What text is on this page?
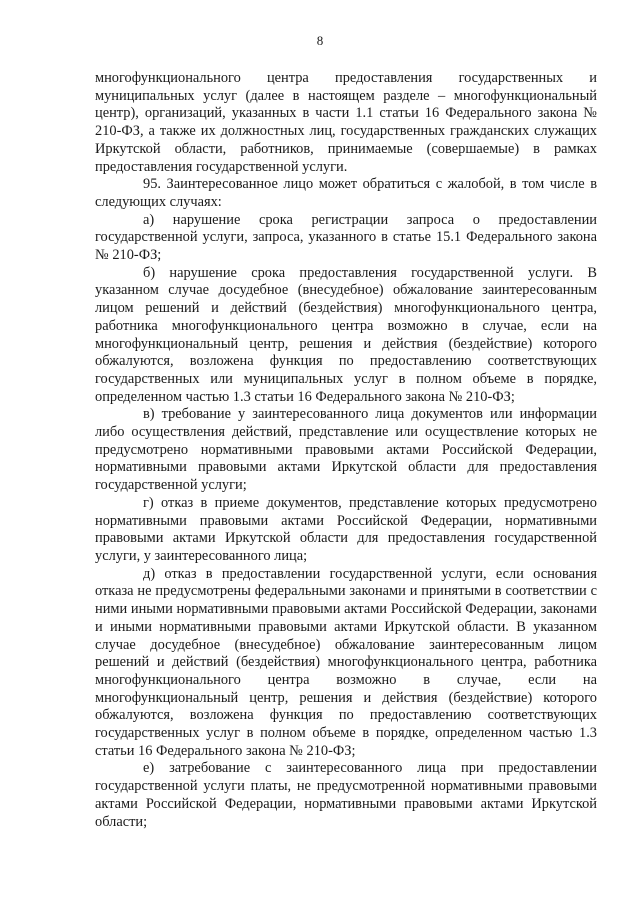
8

многофункционального центра предоставления государственных и муниципальных услуг (далее в настоящем разделе – многофункциональный центр), организаций, указанных в части 1.1 статьи 16 Федерального закона № 210-ФЗ, а также их должностных лиц, государственных гражданских служащих Иркутской области, работников, принимаемые (совершаемые) в рамках предоставления государственной услуги.

95. Заинтересованное лицо может обратиться с жалобой, в том числе в следующих случаях:

а) нарушение срока регистрации запроса о предоставлении государственной услуги, запроса, указанного в статье 15.1 Федерального закона № 210-ФЗ;

б) нарушение срока предоставления государственной услуги. В указанном случае досудебное (внесудебное) обжалование заинтересованным лицом решений и действий (бездействия) многофункционального центра, работника многофункционального центра возможно в случае, если на многофункциональный центр, решения и действия (бездействие) которого обжалуются, возложена функция по предоставлению соответствующих государственных или муниципальных услуг в полном объеме в порядке, определенном частью 1.3 статьи 16 Федерального закона № 210-ФЗ;

в) требование у заинтересованного лица документов или информации либо осуществления действий, представление или осуществление которых не предусмотрено нормативными правовыми актами Российской Федерации, нормативными правовыми актами Иркутской области для предоставления государственной услуги;

г) отказ в приеме документов, представление которых предусмотрено нормативными правовыми актами Российской Федерации, нормативными правовыми актами Иркутской области для предоставления государственной услуги, у заинтересованного лица;

д) отказ в предоставлении государственной услуги, если основания отказа не предусмотрены федеральными законами и принятыми в соответствии с ними иными нормативными правовыми актами Российской Федерации, законами и иными нормативными правовыми актами Иркутской области. В указанном случае досудебное (внесудебное) обжалование заинтересованным лицом решений и действий (бездействия) многофункционального центра, работника многофункционального центра возможно в случае, если на многофункциональный центр, решения и действия (бездействие) которого обжалуются, возложена функция по предоставлению соответствующих государственных услуг в полном объеме в порядке, определенном частью 1.3 статьи 16 Федерального закона № 210-ФЗ;

е) затребование с заинтересованного лица при предоставлении государственной услуги платы, не предусмотренной нормативными правовыми актами Российской Федерации, нормативными правовыми актами Иркутской области;
